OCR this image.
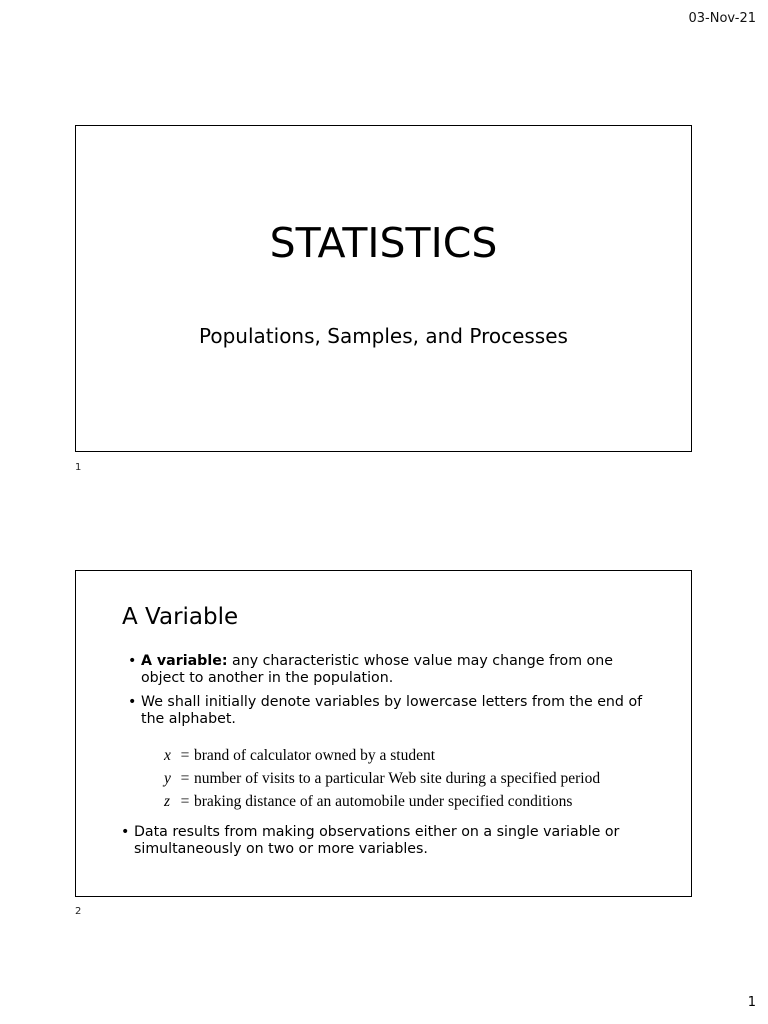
03-Nov-21
STATISTICS
Populations, Samples, and Processes
1
A Variable
• A variable: any characteristic whose value may change from one object to another in the population.
• We shall initially denote variables by lowercase letters from the end of the alphabet.
x = brand of calculator owned by a student
y = number of visits to a particular Web site during a specified period
z = braking distance of an automobile under specified conditions
• Data results from making observations either on a single variable or simultaneously on two or more variables.
2
1
